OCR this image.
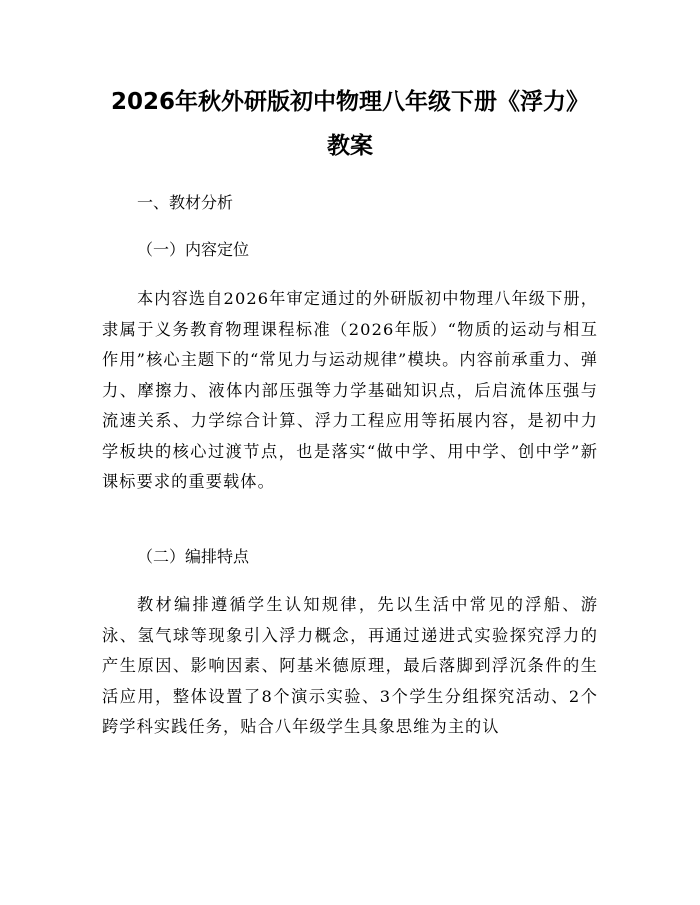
2026年秋外研版初中物理八年级下册《浮力》教案
一、教材分析
（一）内容定位
本内容选自2026年审定通过的外研版初中物理八年级下册，隶属于义务教育物理课程标准（2026年版）“物质的运动与相互作用”核心主题下的“常见力与运动规律”模块。内容前承重力、弹力、摩擦力、液体内部压强等力学基础知识点，后启流体压强与流速关系、力学综合计算、浮力工程应用等拓展内容，是初中力学板块的核心过渡节点，也是落实“做中学、用中学、创中学”新课标要求的重要载体。
（二）编排特点
教材编排遵循学生认知规律，先以生活中常见的浮船、游泳、氢气球等现象引入浮力概念，再通过递进式实验探究浮力的产生原因、影响因素、阿基米德原理，最后落脚到浮沉条件的生活应用，整体设置了8个演示实验、3个学生分组探究活动、2个跨学科实践任务，贴合八年级学生具象思维为主的认
